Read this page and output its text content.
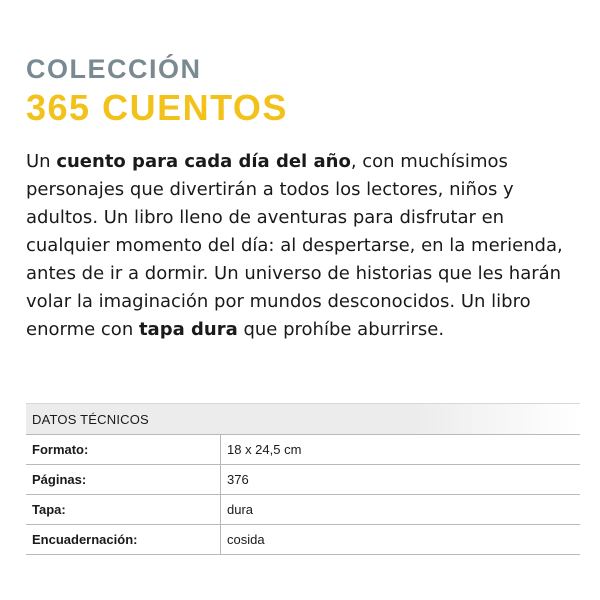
COLECCIÓN
365 CUENTOS

Un cuento para cada día del año, con muchísimos personajes que divertirán a todos los lectores, niños y adultos. Un libro lleno de aventuras para disfrutar en cualquier momento del día: al despertarse, en la merienda, antes de ir a dormir. Un universo de historias que les harán volar la imaginación por mundos desconocidos. Un libro enorme con tapa dura que prohíbe aburrirse.

DATOS TÉCNICOS	
Formato:	18 x 24,5 cm
Páginas:	376
Tapa:	dura
Encuadernación:	cosida
